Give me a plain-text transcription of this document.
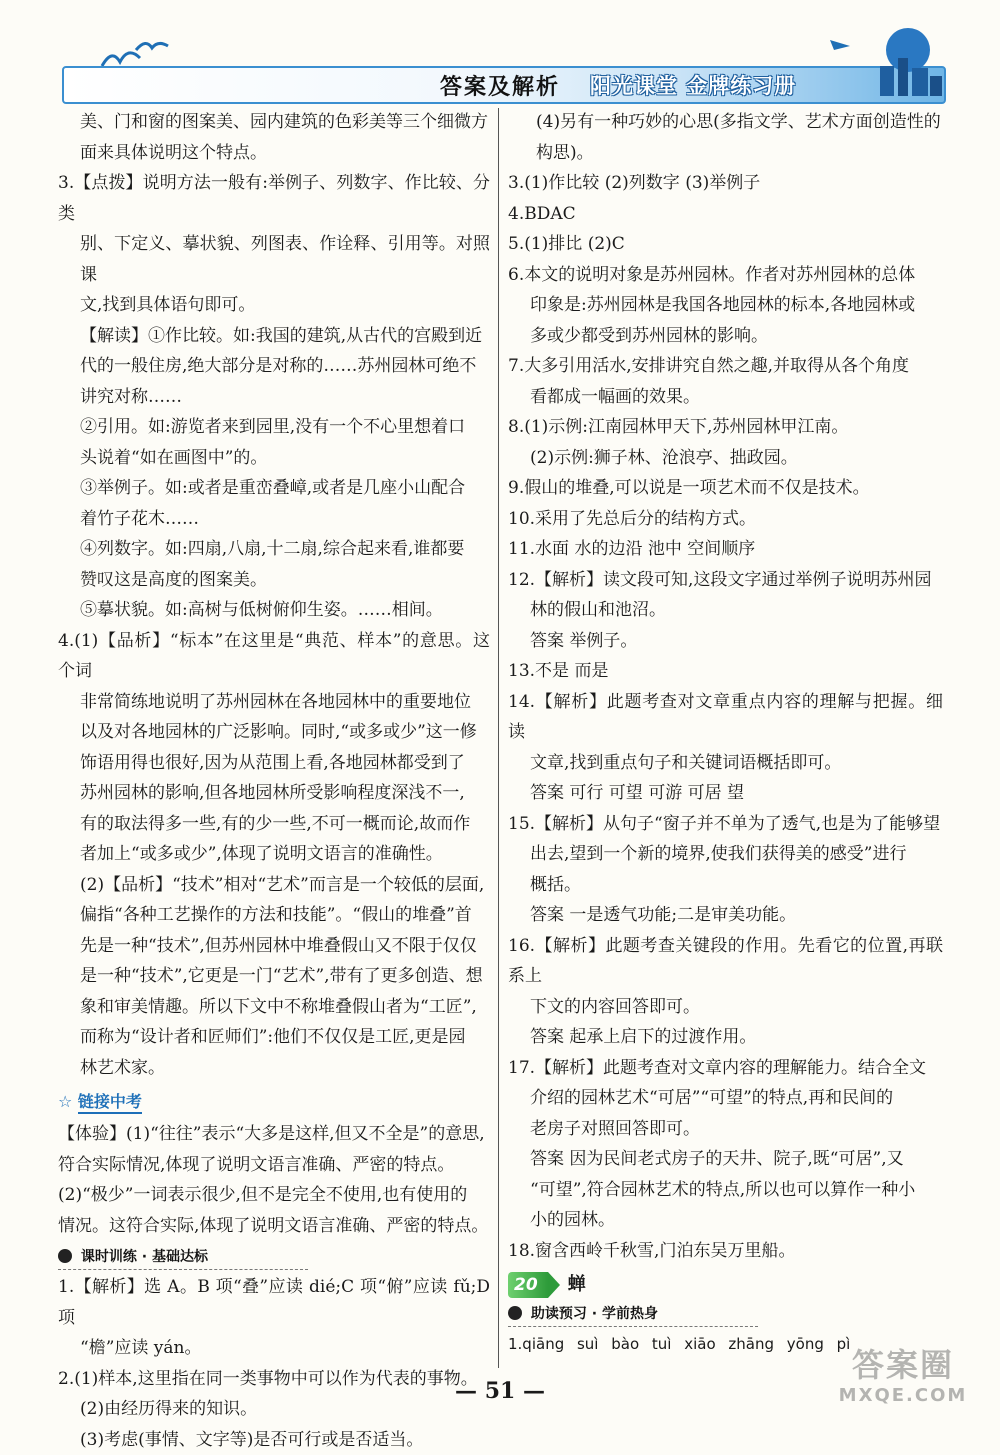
答案及解析	阳光课堂 金牌练习册
美、门和窗的图案美、园内建筑的色彩美等三个细微方
面来具体说明这个特点。
3.【点拨】说明方法一般有:举例子、列数字、作比较、分类
别、下定义、摹状貌、列图表、作诠释、引用等。对照课
文,找到具体语句即可。
【解读】①作比较。如:我国的建筑,从古代的宫殿到近
代的一般住房,绝大部分是对称的……苏州园林可绝不
讲究对称……
②引用。如:游览者来到园里,没有一个不心里想着口
头说着“如在画图中”的。
③举例子。如:或者是重峦叠嶂,或者是几座小山配合
着竹子花木……
④列数字。如:四扇,八扇,十二扇,综合起来看,谁都要
赞叹这是高度的图案美。
⑤摹状貌。如:高树与低树俯仰生姿。……相间。
4.(1)【品析】“标本”在这里是“典范、样本”的意思。这个词
非常简练地说明了苏州园林在各地园林中的重要地位
以及对各地园林的广泛影响。同时,“或多或少”这一修
饰语用得也很好,因为从范围上看,各地园林都受到了
苏州园林的影响,但各地园林所受影响程度深浅不一,
有的取法得多一些,有的少一些,不可一概而论,故而作
者加上“或多或少”,体现了说明文语言的准确性。
(2)【品析】“技术”相对“艺术”而言是一个较低的层面,
偏指“各种工艺操作的方法和技能”。“假山的堆叠”首
先是一种“技术”,但苏州园林中堆叠假山又不限于仅仅
是一种“技术”,它更是一门“艺术”,带有了更多创造、想
象和审美情趣。所以下文中不称堆叠假山者为“工匠”,
而称为“设计者和匠师们”:他们不仅仅是工匠,更是园
林艺术家。
☆ 链接中考
【体验】(1)“往往”表示“大多是这样,但又不全是”的意思,
符合实际情况,体现了说明文语言准确、严密的特点。
(2)“极少”一词表示很少,但不是完全不使用,也有使用的
情况。这符合实际,体现了说明文语言准确、严密的特点。
课时训练 · 基础达标
1.【解析】选 A。B 项“叠”应读 dié;C 项“俯”应读 fǔ;D 项
“檐”应读 yán。
2.(1)样本,这里指在同一类事物中可以作为代表的事物。
(2)由经历得来的知识。
(3)考虑(事情、文字等)是否可行或是否适当。
(4)另有一种巧妙的心思(多指文学、艺术方面创造性的
构思)。
3.(1)作比较 (2)列数字 (3)举例子
4.BDAC
5.(1)排比 (2)C
6.本文的说明对象是苏州园林。作者对苏州园林的总体
印象是:苏州园林是我国各地园林的标本,各地园林或
多或少都受到苏州园林的影响。
7.大多引用活水,安排讲究自然之趣,并取得从各个角度
看都成一幅画的效果。
8.(1)示例:江南园林甲天下,苏州园林甲江南。
(2)示例:狮子林、沧浪亭、拙政园。
9.假山的堆叠,可以说是一项艺术而不仅是技术。
10.采用了先总后分的结构方式。
11.水面 水的边沿 池中 空间顺序
12.【解析】读文段可知,这段文字通过举例子说明苏州园
林的假山和池沼。
答案 举例子。
13.不是 而是
14.【解析】此题考查对文章重点内容的理解与把握。细读
文章,找到重点句子和关键词语概括即可。
答案 可行 可望 可游 可居 望
15.【解析】从句子“窗子并不单为了透气,也是为了能够望
出去,望到一个新的境界,使我们获得美的感受”进行
概括。
答案 一是透气功能;二是审美功能。
16.【解析】此题考查关键段的作用。先看它的位置,再联系上
下文的内容回答即可。
答案 起承上启下的过渡作用。
17.【解析】此题考查对文章内容的理解能力。结合全文
介绍的园林艺术“可居”“可望”的特点,再和民间的
老房子对照回答即可。
答案 因为民间老式房子的天井、院子,既“可居”,又
“可望”,符合园林艺术的特点,所以也可以算作一种小
小的园林。
18.窗含西岭千秋雪,门泊东吴万里船。
20	蝉
助读预习 · 学前热身
1.qiāng suì bào tuì xiāo zhāng yōng pì
— 51 —
答案圈
MXQE.COM
